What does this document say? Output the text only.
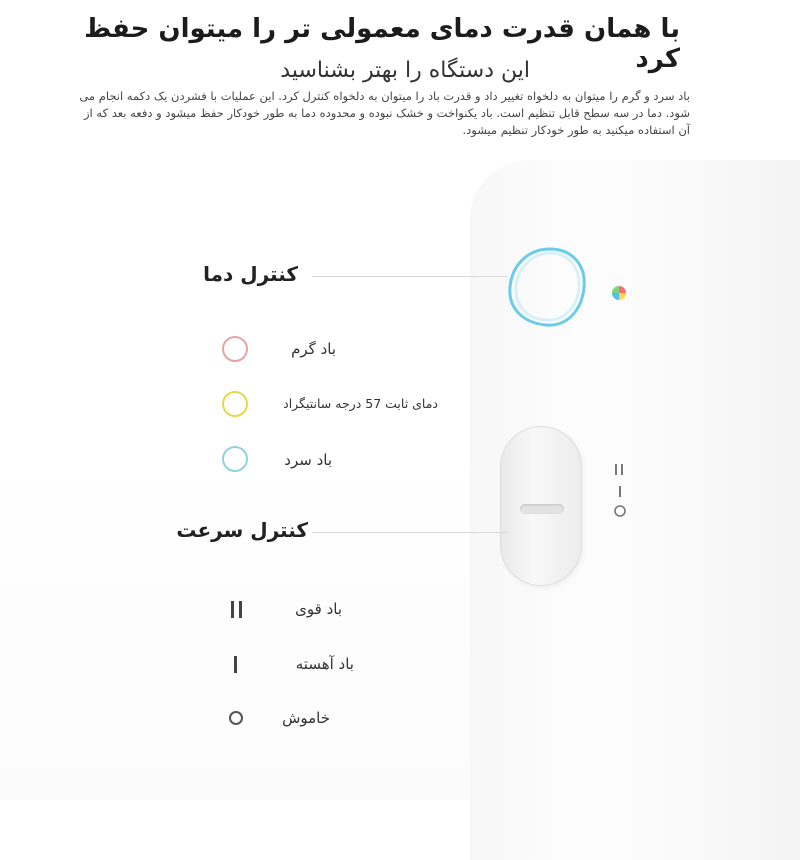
با همان قدرت دمای معمولی تر را میتوان حفظ کرد
این دستگاه را بهتر بشناسید
باد سرد و گرم را میتوان به دلخواه تغییر داد و قدرت باد را میتوان به دلخواه کنترل کرد. این عملیات با فشردن یک دکمه انجام می شود. دما در سه سطح قابل تنظیم است. باد یکنواخت و خشک نبوده و محدوده دما به طور خودکار حفظ میشود و دفعه بعد که از آن استفاده میکنید به طور خودکار تنظیم میشود.
کنترل دما
باد گرم
دمای ثابت 57 درجه سانتیگراد
باد سرد
کنترل سرعت
باد قوی
باد آهسته
خاموش
